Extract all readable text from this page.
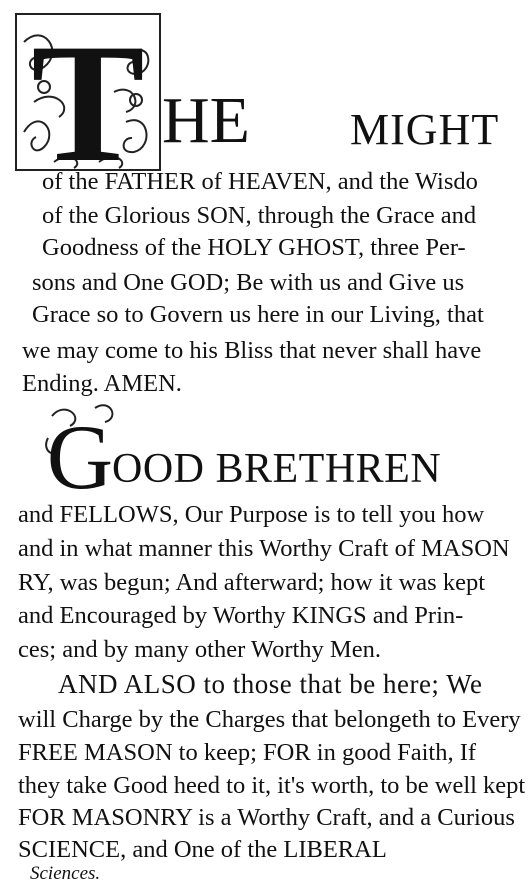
T HE MIGHT
of the FATHER of HEAVEN, and the Wisdo
of the Glorious SON, through the Grace and
Goodness of the HOLY GHOST, three Per-
sons and One GOD; Be with us and Give us
Grace so to Govern us here in our Living, that
we may come to his Bliss that never shall have
Ending. AMEN.
G
OOD BRETHREN
and FELLOWS, Our Purpose is to tell you how
and in what manner this Worthy Craft of MASON
RY, was begun; And afterward; how it was kept
and Encouraged by Worthy KINGS and Prin-
ces; and by many other Worthy Men.
AND ALSO to those that be here; We
will Charge by the Charges that belongeth to Every
FREE MASON to keep; FOR in good Faith, If
they take Good heed to it, it's worth, to be well kept
FOR MASONRY is a Worthy Craft, and a Curious
SCIENCE, and One of the LIBERAL
Sciences.
